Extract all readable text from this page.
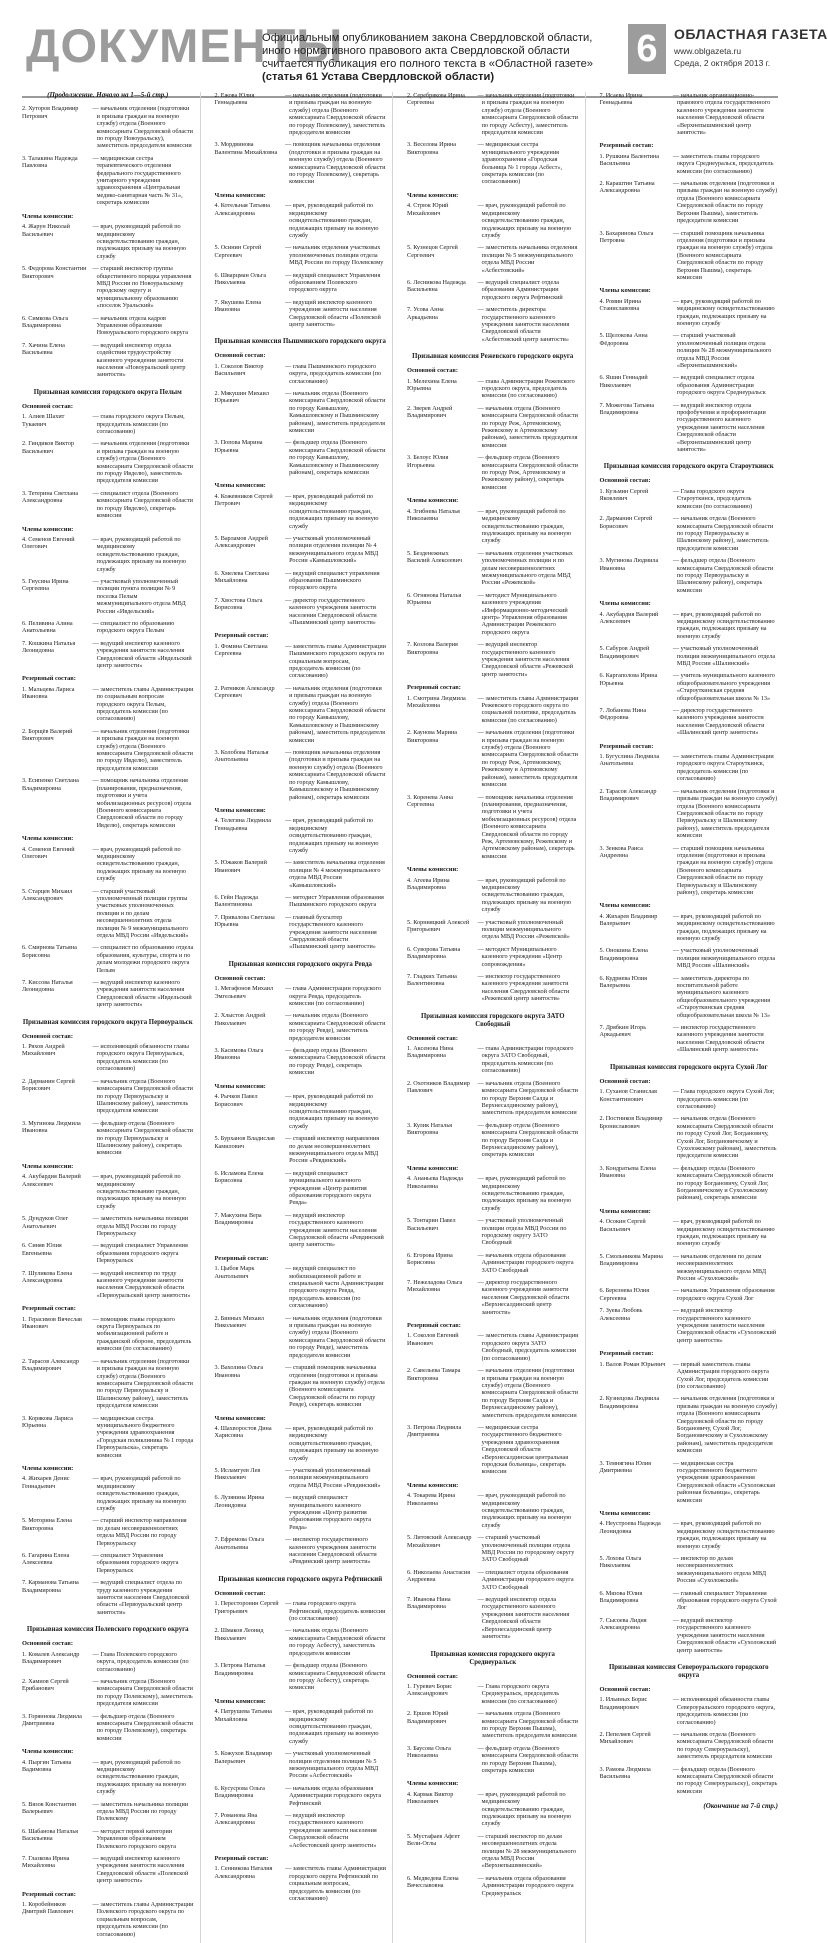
ДОКУМЕНТЫ
Официальным опубликованием закона Свердловской области, иного нормативного правового акта Свердловской области считается публикация его полного текста в «Областной газете» (статья 61 Устава Свердловской области)
6	ОБЛАСТНАЯ ГАЗЕТА
www.oblgazeta.ru
Среда, 2 октября 2013 г.
(Продолжение. Начало на 1—5-й стр.)
2. Хуторов Владимир Петрович
— начальник отделения (подготовки и призыва граждан на военную службу) отдела (Военного комиссариата Свердловской области по городу Новоуральску), заместитель председателя комиссии
3. Талакина Надежда Павловна
— медицинская сестра терапевтического отделения федерального государственного унитарного учреждения здравоохранения «Центральная медико-санитарная часть № 31», секретарь комиссии
Члены комиссии:
4. Жарун Николай Васильевич
— врач, руководящий работой по медицинскому освидетельствованию граждан, подлежащих призыву на военную службу
5. Федорова Константин Викторович
— старший инспектор группы общественного порядка управления МВД России по Новоуральскому городскому округу и муниципальному образованию «поселок Уральский»
6. Симкова Ольга Владимировна
— начальник отдела кадров Управления образования Новоуральского городского округа
7. Хачина Елена Васильевна
— ведущий инспектор отдела содействия трудоустройству казенного учреждения занятости населения «Новоуральский центр занятости»
Призывная комиссия городского округа Пелым
Основной состав:
1. Алиев Шахит Тукаевич
— глава городского округа Пелым, председатель комиссии (по согласованию)
2. Гиндиков Виктор Васильевич
— начальник отделения (подготовки и призыва граждан на военную службу) отдела (Военного комиссариата Свердловской области по городу Ивделю), заместитель председателя комиссии
3. Тетерина Светлана Александровна
— специалист отдела (Военного комиссариата Свердловской области по городу Ивделю), секретарь комиссии
Члены комиссии:
4. Семенов Евгений Олегович
— врач, руководящий работой по медицинскому освидетельствованию граждан, подлежащих призыву на военную службу
5. Гнусина Ирина Сергеевна
— участковый уполномоченный полиции пункта полиции № 9 поселка Пелым межмуниципального отдела МВД России «Ивдельский»
6. Пеливина Алина Анатольевна
— специалист по образованию городского округа Пелым
7. Кошкина Наталья Леонидовна
— ведущий инспектор казенного учреждения занятости населения Свердловской области «Ивдельский центр занятости»
Резервный состав:
1. Мальцева Лариса Ивановна
— заместитель главы Администрации по социальным вопросам городского округа Пелым, председатель комиссии (по согласованию)
2. Борщёв Валерий Викторович
— начальник отделения (подготовки и призыва граждан на военную службу) отдела (Военного комиссариата Свердловской области по городу Ивделю), заместитель председателя комиссии
3. Есипенко Светлана Владимировна
— помощник начальника отделения (планирования, предназначения, подготовки и учета мобилизационных ресурсов) отдела (Военного комиссариата Свердловской области по городу Ивделю), секретарь комиссии
Члены комиссии:
4. Семенов Евгений Олегович
— врач, руководящий работой по медицинскому освидетельствованию граждан, подлежащих призыву на военную службу
5. Старцев Михаил Александрович
— старший участковый уполномоченный полиции группы участковых уполномоченных полиции и по делам несовершеннолетних отдела полиции № 9 межмуниципального отдела МВД России «Ивдельский»
6. Смирнова Татьяна Борисовна
— специалист по образованию отдела образования, культуры, спорта и по делам молодежи городского округа Пелым
7. Киссова Наталья Леонидовна
— ведущий инспектор казенного учреждения занятости населения Свердловской области «Ивдельский центр занятости»
Призывная комиссия городского округа Первоуральск
Основной состав:
1. Ряхов Андрей Михайлович
— исполняющий обязанности главы городского округа Первоуральск, председатель комиссии (по согласованию)
2. Дарманин Сергей Борисович
— начальник отдела (Военного комиссариата Свердловской области по городу Первоуральску и Шалинскому району), заместитель председателя комиссии
3. Мугинова Людмила Ивановна
— фельдшер отдела (Военного комиссариата Свердловской области по городу Первоуральску и Шалинскому району), секретарь комиссии
Члены комиссии:
4. Акубардия Валерий Алексеевич
— врач, руководящий работой по медицинскому освидетельствованию граждан, подлежащих призыву на военную службу
5. Дундуков Олег Анатольевич
— заместитель начальника полиции отдела МВД России по городу Первоуральску
6. Синяв Юлия Евгеньевна
— ведущий специалист Управления образования городского округа Первоуральск
7. Шуликова Елена Александровна
— ведущий инспектор по труду казенного учреждения занятости населения Свердловской области «Первоуральский центр занятости»
Резервный состав:
1. Герасимов Вячеслав Иванович
— помощник главы городского округа Первоуральск по мобилизационной работе и гражданской обороне, председатель комиссии (по согласованию)
2. Тарасов Александр Владимирович
— начальник отделения (подготовки и призыва граждан на военную службу) отдела (Военного комиссариата Свердловской области по городу Первоуральску и Шалинскому району), заместитель председателя комиссии
3. Корякова Лариса Юрьевна
— медицинская сестра муниципального бюджетного учреждения здравоохранения «Городская поликлиника № 1 города Первоуральска», секретарь комиссии
Члены комиссии:
4. Жихарев Денис Геннадьевич
— врач, руководящий работой по медицинскому освидетельствованию граждан, подлежащих призыву на военную службу
5. Моторина Елена Викторовна
— старший инспектор направления по делам несовершеннолетних отдела МВД России по городу Первоуральску
6. Гагарина Елена Алексеевна
— специалист Управления образования городского округа Первоуральск
7. Карманова Татьяна Владимировна
— ведущий специалист отдела по труду казенного учреждения занятости населения Свердловской области «Первоуральский центр занятости»
Призывная комиссия Полевского городского округа
Основной состав:
1. Ковалев Александр Владимирович
— Глава Полевского городского округа, председатель комиссии (по согласованию)
2. Хамнов Сергей Ерибанович
— начальник отдела (Военного комиссариата Свердловской области по городу Полевскому), заместитель председателя комиссии
3. Горяннова Людмила Дмитриевна
— фельдшер отдела (Военного комиссариата Свердловской области по городу Полевскому), секретарь комиссии
Члены комиссии:
4. Пыргин Татьяна Вадимовна
— врач, руководящий работой по медицинскому освидетельствованию граждан, подлежащих призыву на военную службу
5. Вязов Константин Валерьевич
— заместитель начальника полиции отдела МВД России по городу Полевскому
6. Шабанова Наталья Васильевна
— методист первой категории Управления образованием Полевского городского округа
7. Глазкова Ирина Михайловна
— ведущий инспектор казенного учреждения занятости населения Свердловской области «Полевской центр занятости»
Резервный состав:
1. Коробейников Дмитрий Павлович
— заместитель главы Администрации Полевского городского округа по социальным вопросам, председатель комиссии (по согласованию)
2. Ежова Юлия Геннадьевна
— начальник отделения (подготовки и призыва граждан на военную службу) отдела (Военного комиссариата Свердловской области по городу Полевскому), заместитель председателя комиссии
3. Мордвинова Валентина Михайловна
— помощник начальника отделения (подготовки и призыва граждан на военную службу) отдела (Военного комиссариата Свердловской области по городу Полевскому), секретарь комиссии
Члены комиссии:
4. Котельная Татьяна Александровна
— врач, руководящий работой по медицинскому освидетельствованию граждан, подлежащих призыву на военную службу
5. Осинин Сергей Сергеевич
— начальник отделения участковых уполномоченных полиции отдела МВД России по городу Полевскому
6. Шварцман Ольга Николаевна
— ведущий специалист Управления образованием Полевского городского округа
7. Якушева Елена Ивановна
— ведущий инспектор казенного учреждения занятости населения Свердловской области «Полевской центр занятости»
Призывная комиссия Пышминского городского округа
Основной состав:
1. Соколов Виктор Васильевич
— глава Пышминского городского округа, председатель комиссии (по согласованию)
2. Мякушин Михаил Юрьевич
— начальник отдела (Военного комиссариата Свердловской области по городу Камышлову, Камышловскому и Пышминскому районам), заместитель председателя комиссии
3. Попова Марина Юрьевна
— фельдшер отдела (Военного комиссариата Свердловской области по городу Камышлову, Камышловскому и Пышминскому районам), секретарь комиссии
Члены комиссии:
4. Кожевников Сергей Петрович
— врач, руководящий работой по медицинскому освидетельствованию граждан, подлежащих призыву на военную службу
5. Варламов Андрей Александрович
— участковый уполномоченный полиции отделения полиции № 4 межмуниципального отдела МВД России «Камышловский»
6. Хмелева Светлана Михайловна
— ведущий специалист управления образования Пышминского городского округа
7. Хвостова Ольга Борисовна
— директор государственного казенного учреждения занятости населения Свердловской области «Пышминский центр занятости»
Резервный состав:
1. Фомина Светлана Сергеевна
— заместитель главы Администрации Пышминского городского округа по социальным вопросам, председатель комиссии (по согласованию)
2. Ратников Александр Сергеевич
— начальник отделения (подготовки и призыва граждан на военную службу) отдела (Военного комиссариата Свердловской области по городу Камышлову, Камышловскому и Пышминскому районам), заместитель председателя комиссии
3. Колобова Наталья Анатольевна
— помощник начальника отделения (подготовки и призыва граждан на военную службу) отдела (Военного комиссариата Свердловской области по городу Камышлову, Камышловскому и Пышминскому районам), секретарь комиссии
Члены комиссии:
4. Телегина Людмила Геннадьевна
— врач, руководящий работой по медицинскому освидетельствованию граждан, подлежащих призыву на военную службу
5. Южаков Валерий Иванович
— заместитель начальника отделения полиции № 4 межмуниципального отдела МВД России «Камышловский»
6. Гейн Надежда Валентиновна
— методист Управления образования Пышминского городского округа
7. Привалова Светлана Юрьевна
— главный бухгалтер государственного казенного учреждения занятости населения Свердловской области «Пышминский центр занятости»
Призывная комиссия городского округа Ревда
Основной состав:
1. Мегафонов Михаил Эмгельевич
— глава Администрации городского округа Ревда, председатель комиссии (по согласованию)
2. Хлыстов Андрей Николаевич
— начальник отдела (Военного комиссариата Свердловской области по городу Ревде), заместитель председателя комиссии
3. Касимова Ольга Ивановна
— фельдшер отдела (Военного комиссариата Свердловской области по городу Ревде), секретарь комиссии
Члены комиссии:
4. Рычков Павел Борисович
— врач, руководящий работой по медицинскому освидетельствованию граждан, подлежащих призыву на военную службу
5. Бурханов Владислав Камилович
— старший инспектор направления по делам несовершеннолетних межмуниципального отдела МВД России «Ревдинский»
6. Исламова Елена Борисовна
— ведущий специалист муниципального казенного учреждения «Центр развития образования городского округа Ревда»
7. Макухина Вера Владимировна
— ведущий инспектор государственного казенного учреждения занятости населения Свердловской области «Ревдинский центр занятости»
Резервный состав:
1. Цыбов Марк Анатольевич
— ведущий специалист по мобилизационной работе и специальной части Администрации городского округа Ревда, председатель комиссии (по согласованию)
2. Бинных Михаил Николаевич
— начальник отделения (подготовки и призыва граждан на военную службу) отдела (Военного комиссариата Свердловской области по городу Ревде), заместитель председателя комиссии
3. Вахолина Ольга Ивановна
— старший помощник начальника отделения (подготовки и призыва граждан на военную службу) отдела (Военного комиссариата Свердловской области по городу Ревде), секретарь комиссии
Члены комиссии:
4. Шахворостов Дина Харисовна
— врач, руководящий работой по медицинскому освидетельствованию граждан, подлежащих призыву на военную службу
5. Исламгуев Лев Николаевич
— участковый уполномоченный полиции межмуниципального отдела МВД России «Ревдинский»
6. Лузянина Ирина Леонидовна
— ведущий специалист муниципального казенного учреждения «Центр развития образования городского округа Ревда»
7. Ефремова Ольга Анатольевна
— инспектор государственного казенного учреждения занятости населения Свердловской области «Ревдинский центр занятости»
Призывная комиссия городского округа Рефтинский
Основной состав:
1. Пересторонин Сергей Григорьевич
— глава городского округа Рефтинский, председатель комиссии (по согласованию)
2. Шмаков Леонид Николаевич
— начальник отдела (Военного комиссариата Свердловской области по городу Асбесту), заместитель председателя комиссии
3. Петрова Наталья Владимировна
— фельдшер отдела (Военного комиссариата Свердловской области по городу Асбесту), секретарь комиссии
Члены комиссии:
4. Патрушева Татьяна Михайловна
— врач, руководящий работой по медицинскому освидетельствованию граждан, подлежащих призыву на военную службу
5. Кожухов Владимир Валерьевич
— участковый уполномоченный полиции отделения полиции № 5 межмуниципального отдела МВД России «Асбестовский»
6. Кусусрова Ольга Владимировна
— начальник отдела образования Администрации городского округа Рефтинский
7. Романова Яна Александровна
— ведущий инспектор государственного казенного учреждения занятости населения Свердловской области «Асбестовский центр занятости»
Резервный состав:
1. Сенникова Наталия Александровна
— заместитель главы Администрации городского округа Рефтинский по социальным вопросам, председатель комиссии (по согласованию)
2. Серебрякова Ирина Сергеевна
— начальник отделения (подготовки и призыва граждан на военную службу) отдела (Военного комиссариата Свердловской области по городу Асбесту), заместитель председателя комиссии
3. Веселова Ирина Викторовна
— медицинская сестра муниципального учреждения здравоохранения «Городская больница № 1 города Асбест», секретарь комиссии (по согласованию)
Члены комиссии:
4. Стрюк Юрий Михайлович
— врач, руководящий работой по медицинскому освидетельствованию граждан, подлежащих призыву на военную службу
5. Кузнецов Сергей Сергеевич
— заместитель начальника отделения полиции № 5 межмуниципального отдела МВД России «Асбестовский»
6. Лесникова Надежда Васильевна
— ведущий специалист отдела образования Администрации городского округа Рефтинский
7. Усова Анна Аркадьевна
— заместитель директора государственного казенного учреждения занятости населения Свердловской области «Асбестовский центр занятости»
Призывная комиссия Режевского городского округа
Основной состав:
1. Мелехина Елена Юрьевна
— глава Администрации Режевского городского округа, председатель комиссии (по согласованию)
2. Зверев Андрей Владимирович
— начальник отдела (Военного комиссариата Свердловской области по городу Реж, Артемовскому, Режевскому и Артемовскому районам), заместитель председателя комиссии
3. Белоус Юлия Игорьевна
— фельдшер отдела (Военного комиссариата Свердловской области по городу Реж, Артемовскому и Режевскому району), секретарь комиссии
Члены комиссии:
4. Згибнева Наталья Николаевна
— врач, руководящий работой по медицинскому освидетельствованию граждан, подлежащих призыву на военную службу
5. Безденежных Василий Алексеевич
— начальник отделения участковых уполномоченных полиции и по делам несовершеннолетних межмуниципального отдела МВД России «Режевской»
6. Огнянова Наталья Юрьевна
— методист Муниципального казенного учреждения «Информационно-методический центр» Управления образования Администрации Режевского городского округа
7. Козлова Валерия Викторовна
— ведущий инспектор государственного казенного учреждения занятости населения Свердловской области «Режевской центр занятости»
Резервный состав:
1. Смотрина Людмила Михайловна
— заместитель главы Администрации Режевского городского округа по социальной политике, председатель комиссии (по согласованию)
2. Каунова Марина Викторовна
— начальник отделения (подготовки и призыва граждан на военную службу) отдела (Военного комиссариата Свердловской области по городу Реж, Артемовскому, Режевскому и Артемовскому районам), заместитель председателя комиссии
3. Коренева Анна Сергеевна
— помощник начальника отделения (планирования, предназначения, подготовки и учета мобилизационных ресурсов) отдела (Военного комиссариата Свердловской области по городу Реж, Артемовскому, Режевскому и Артемовскому районам), секретарь комиссии
Члены комиссии:
4. Агеева Ирина Владимировна
— врач, руководящий работой по медицинскому освидетельствованию граждан, подлежащих призыву на военную службу
5. Корнияцкий Алексей Григорьевич
— участковый уполномоченный полиции межмуниципального отдела МВД России «Режевской»
6. Суворова Татьяна Владимировна
— методист Муниципального казенного учреждения «Центр сопровождения»
7. Гладких Татьяна Валентиновна
— инспектор государственного казенного учреждения занятости населения Свердловской области «Режевской центр занятости»
Призывная комиссия городского округа ЗАТО Свободный
Основной состав:
1. Аксенова Нина Владимировна
— глава Администрации городского округа ЗАТО Свободный, председатель комиссии (по согласованию)
2. Охотников Владимир Павлович
— начальник отдела (Военного комиссариата Свердловской области по городу Верхняя Салда и Верхнесалдинскому району), заместитель председателя комиссии
3. Кулик Наталья Викторовна
— фельдшер отдела (Военного комиссариата Свердловской области по городу Верхняя Салда и Верхнесалдинскому району), секретарь комиссии
Члены комиссии:
4. Ананьева Надежда Николаевна
— врач, руководящий работой по медицинскому освидетельствованию граждан, подлежащих призыву на военную службу
5. Тонтарин Павел Васильевич
— участковый уполномоченный полиции отдела МВД России по городскому округу ЗАТО Свободный
6. Егорова Ирина Борисовна
— начальник отдела образования Администрации городского округа ЗАТО Свободный
7. Нежеладова Ольга Михайловна
— директор государственного казенного учреждения занятости населения Свердловской области «Верхнесалдинский центр занятости»
Резервный состав:
1. Соколов Евгений Иванович
— заместитель главы Администрации городского округа ЗАТО Свободный, председатель комиссии (по согласованию)
2. Савельева Тамара Викторовна
— начальник отделения (подготовки и призыва граждан на военную службу) отдела (Военного комиссариата Свердловской области по городу Верхняя Салда и Верхнесалдинскому району), заместитель председателя комиссии
3. Петрова Людмила Дмитриевна
— медицинская сестра государственного бюджетного учреждения здравоохранения Свердловской области «Верхнесалдинская центральная городская больница», секретарь комиссии
Члены комиссии:
4. Токарева Ирина Николаевна
— врач, руководящий работой по медицинскому освидетельствованию граждан, подлежащих призыву на военную службу
5. Литовский Александр Михайлович
— старший участковый уполномоченный полиции отдела МВД России по городскому округу ЗАТО Свободный
6. Николаева Анастасия Андреевна
— специалист отдела образования Администрации городского округа ЗАТО Свободный
7. Иванова Нина Владимировна
— ведущий инспектор отдела государственного казенного учреждения занятости населения Свердловской области «Верхнесалдинский центр занятости»
Призывная комиссия городского округа Среднеуральск
Основной состав:
1. Гуревич Борис Александрович
— Глава городского округа Среднеуральск, председатель комиссии (по согласованию)
2. Ершов Юрий Владимирович
— начальник отдела (Военного комиссариата Свердловской области по городу Верхняя Пышма), заместитель председателя комиссии
3. Баусова Ольга Николаевна
— фельдшер отдела (Военного комиссариата Свердловской области по городу Верхняя Пышма), секретарь комиссии
Члены комиссии:
4. Кармак Виктор Николаевич
— врач, руководящий работой по медицинскому освидетельствованию граждан, подлежащих призыву на военную службу
5. Мустафаев Афгет Вели-Оглы
— старший инспектор по делам несовершеннолетних отдела полиции № 28 межмуниципального отдела МВД России «Верхнепышминский»
6. Медведева Елена Вячеславовна
— начальник отдела образования Администрации городского округа Среднеуральск
7. Исаева Ирина Геннадьевна
— начальник организационно-правового отдела государственного казенного учреждения занятости населения Свердловской области «Верхнепышминский центр занятости»
Резервный состав:
1. Рушкина Валентина Васильевна
— заместитель главы городского округа Среднеуральск, председатель комиссии (по согласованию)
2. Караштин Татьяна Александровна
— начальник отделения (подготовки и призыва граждан на военную службу) отдела (Военного комиссариата Свердловской области по городу Верхняя Пышма), заместитель председателя комиссии
3. Бахаринова Ольга Петровна
— старший помощник начальника отделения (подготовки и призыва граждан на военную службу) отдела (Военного комиссариата Свердловской области по городу Верхняя Пышма), секретарь комиссии
Члены комиссии:
4. Ромин Ирина Станиславовна
— врач, руководящий работой по медицинскому освидетельствованию граждан, подлежащих призыву на военную службу
5. Щелокова Анна Фёдоровна
— старший участковый уполномоченный полиции отдела полиции № 28 межмуниципального отдела МВД России «Верхнепышминский»
6. Яшин Геннадий Николаевич
— ведущий специалист отдела образования Администрации городского округа Среднеуральск
7. Можегова Татьяна Владимировна
— ведущий инспектор отдела профобучения и профориентации государственного казенного учреждения занятости населения Свердловской области «Верхнепышминский центр занятости»
Призывная комиссия городского округа Староуткинск
Основной состав:
1. Кузьмин Сергей Яковлевич
— Глава городского округа Староуткинск, председатель комиссии (по согласованию)
2. Дарманин Сергей Борисович
— начальник отдела (Военного комиссариата Свердловской области по городу Первоуральску и Шалинскому району), заместитель председателя комиссии
3. Мугинова Людмила Ивановна
— фельдшер отдела (Военного комиссариата Свердловской области по городу Первоуральску и Шалинскому району), секретарь комиссии
Члены комиссии:
4. Акубардия Валерий Алексеевич
— врач, руководящий работой по медицинскому освидетельствованию граждан, подлежащих призыву на военную службу
5. Сабуров Андрей Владимирович
— участковый уполномоченный полиции межмуниципального отдела МВД России «Шалинский»
6. Каргаполова Ирина Юрьевна
— учитель муниципального казенного общеобразовательного учреждения «Староуткинская средняя общеобразовательная школа № 13»
7. Лобанова Нина Фёдоровна
— директор государственного казенного учреждения занятости населения Свердловской области «Шалинский центр занятости»
Резервный состав:
1. Бугуслина Людмила Анатольевна
— заместитель главы Администрации городского округа Староуткинск, председатель комиссии (по согласованию)
2. Тарасов Александр Владимирович
— начальник отделения (подготовки и призыва граждан на военную службу) отдела (Военного комиссариата Свердловской области по городу Первоуральску и Шалинскому району), заместитель председателя комиссии
3. Зенкова Раиса Андреевна
— старший помощник начальника отделения (подготовки и призыва граждан на военную службу) отдела (Военного комиссариата Свердловской области по городу Первоуральску и Шалинскому району), секретарь комиссии
Члены комиссии:
4. Жихарев Владимир Валерьевич
— врач, руководящий работой по медицинскому освидетельствованию граждан, подлежащих призыву на военную службу
5. Оношина Елена Владимировна
— участковый уполномоченный полиции межмуниципального отдела МВД России «Шалинский»
6. Кудриева Юлия Валерьевна
— заместитель директора по воспитательной работе муниципального казенного общеобразовательного учреждения «Староуткинская средняя общеобразовательная школа № 13»
7. Дрябкин Игорь Аркадьевич
— инспектор государственного казенного учреждения занятости населения Свердловской области «Шалинский центр занятости»
Призывная комиссия городского округа Сухой Лог
Основной состав:
1. Суханов Станислав Константинович
— Глава городского округа Сухой Лог, председатель комиссии (по согласованию)
2. Постников Владимир Брониславович
— начальник отдела (Военного комиссариата Свердловской области по городу Сухой Лог, Богдановичу, Сухой Лог, Богдановичскому и Сухоложскому районам), заместитель председателя комиссии
3. Кондратьева Елена Ивановна
— фельдшер отдела (Военного комиссариата Свердловской области по городу Богдановичу, Сухой Лог, Богдановичскому и Сухоложскому районам), секретарь комиссии
Члены комиссии:
4. Осокин Сергей Васильевич
— врач, руководящий работой по медицинскому освидетельствованию граждан, подлежащих призыву на военную службу
5. Смольникова Марина Владимировна
— начальник отделения по делам несовершеннолетних межмуниципального отдела МВД России «Сухоложский»
6. Березнева Юлия Сергеевна
— начальник Управления образования городского округа Сухой Лог
7. Зуева Любовь Алексеевна
— ведущий инспектор государственного казенного учреждения занятости населения Свердловской области «Сухоложский центр занятости»
Резервный состав:
1. Валов Роман Юрьевич	— первый заместитель главы Администрации городского округа Сухой Лог, председатель комиссии (по согласованию)
2. Кузнецова Людмила Владимировна
— начальник отделения (подготовки и призыва граждан на военную службу) отдела (Военного комиссариата Свердловской области по городу Богдановичу, Сухой Лог, Богдановичскому и Сухоложскому районам), заместитель председателя комиссии
3. Темнягина Юлия Дмитриевна
— медицинская сестра государственного бюджетного учреждения здравоохранения Свердловской области «Сухоложская районная больница», секретарь комиссии
Члены комиссии:
4. Неустроева Надежда Леонидовна
— врач, руководящий работой по медицинскому освидетельствованию граждан, подлежащих призыву на военную службу
5. Лохова Ольга Николаевна
— инспектор по делам несовершеннолетних межмуниципального отдела МВД России «Сухоложский»
6. Мязова Юлия Владимировна
— главный специалист Управления образования городского округа Сухой Лог
7. Сысоева Лидия Александровна
— ведущий инспектор государственного казенного учреждения занятости населения Свердловской области «Сухоложский центр занятости»
Призывная комиссия Североуральского городского округа
Основной состав:
1. Ильиных Борис Владимирович
— исполняющий обязанности главы Североуральского городского округа, председатель комиссии (по согласованию)
2. Пепеляев Сергей Михайлович
— начальник отдела (Военного комиссариата Свердловской области по городу Североуральску), заместитель председателя комиссии
3. Рамова Людмила Васильевна
— фельдшер отдела (Военного комиссариата Свердловской области по городу Североуральску), секретарь комиссии
(Окончание на 7-й стр.)
